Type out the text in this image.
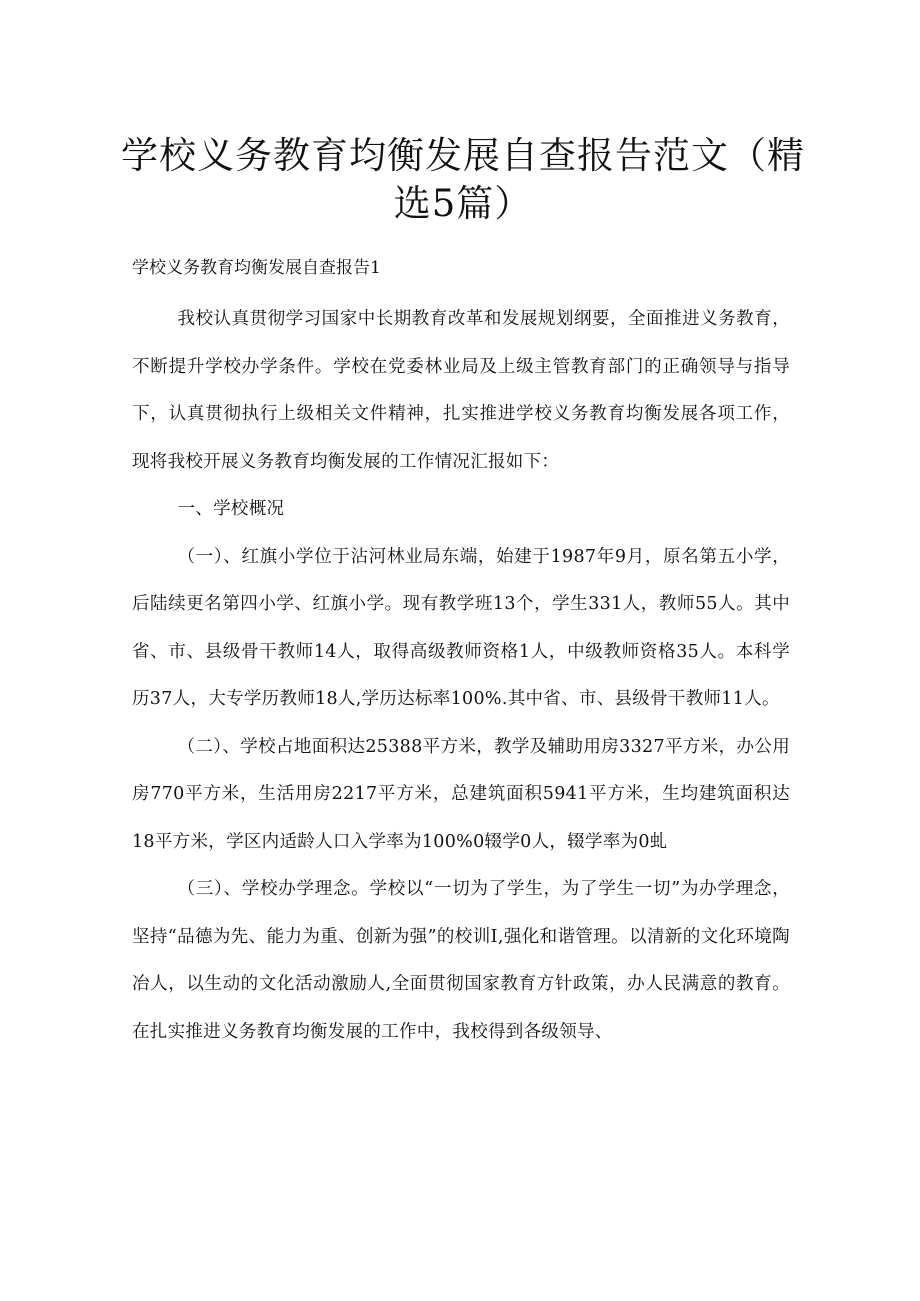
学校义务教育均衡发展自查报告范文（精选5篇）
学校义务教育均衡发展自查报告1

我校认真贯彻学习国家中长期教育改革和发展规划纲要，全面推进义务教育，不断提升学校办学条件。学校在党委林业局及上级主管教育部门的正确领导与指导下，认真贯彻执行上级相关文件精神，扎实推进学校义务教育均衡发展各项工作，现将我校开展义务教育均衡发展的工作情况汇报如下：

一、学校概况

（一）、红旗小学位于沾河林业局东端，始建于1987年9月，原名第五小学，后陆续更名第四小学、红旗小学。现有教学班13个，学生331人，教师55人。其中省、市、县级骨干教师14人，取得高级教师资格1人，中级教师资格35人。本科学历37人，大专学历教师18人,学历达标率100%.其中省、市、县级骨干教师11人。

（二）、学校占地面积达25388平方米，教学及辅助用房3327平方米，办公用房770平方米，生活用房2217平方米，总建筑面积5941平方米，生均建筑面积达18平方米，学区内适龄人口入学率为100%0辍学0人，辍学率为0虬

（三）、学校办学理念。学校以“一切为了学生，为了学生一切”为办学理念，坚持“品德为先、能力为重、创新为强”的校训Ⅰ,强化和谐管理。以清新的文化环境陶冶人，以生动的文化活动激励人,全面贯彻国家教育方针政策，办人民满意的教育。在扎实推进义务教育均衡发展的工作中，我校得到各级领导、
